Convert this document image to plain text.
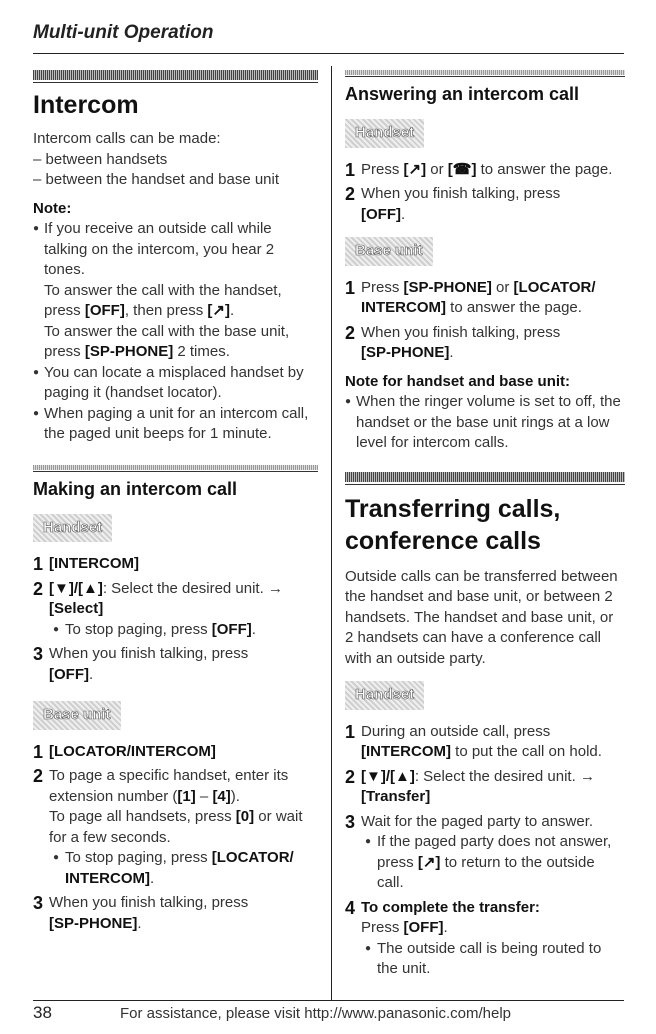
Multi-unit Operation
Intercom
Intercom calls can be made:
– between handsets
– between the handset and base unit
Note:
● If you receive an outside call while talking on the intercom, you hear 2 tones.
To answer the call with the handset, press [OFF], then press [↗].
To answer the call with the base unit, press [SP-PHONE] 2 times.
● You can locate a misplaced handset by paging it (handset locator).
● When paging a unit for an intercom call, the paged unit beeps for 1 minute.
Making an intercom call
Handset
1 [INTERCOM]
2 [▼]/[▲]: Select the desired unit. →
[Select]
● To stop paging, press [OFF].
3 When you finish talking, press
[OFF].
Base unit
1 [LOCATOR/INTERCOM]
2 To page a specific handset, enter its extension number ([1] – [4]).
To page all handsets, press [0] or wait for a few seconds.
● To stop paging, press [LOCATOR/ INTERCOM].
3 When you finish talking, press
[SP-PHONE].
Answering an intercom call
Handset
1 Press [↗] or [☎] to answer the page.
2 When you finish talking, press
[OFF].
Base unit
1 Press [SP-PHONE] or [LOCATOR/ INTERCOM] to answer the page.
2 When you finish talking, press
[SP-PHONE].
Note for handset and base unit:
● When the ringer volume is set to off, the handset or the base unit rings at a low level for intercom calls.
Transferring calls,
conference calls
Outside calls can be transferred between the handset and base unit, or between 2 handsets. The handset and base unit, or 2 handsets can have a conference call with an outside party.
Handset
1 During an outside call, press
[INTERCOM] to put the call on hold.
2 [▼]/[▲]: Select the desired unit. →
[Transfer]
3 Wait for the paged party to answer.
● If the paged party does not answer, press [↗] to return to the outside call.
4 To complete the transfer:
Press [OFF].
● The outside call is being routed to the unit.
38	For assistance, please visit http://www.panasonic.com/help
